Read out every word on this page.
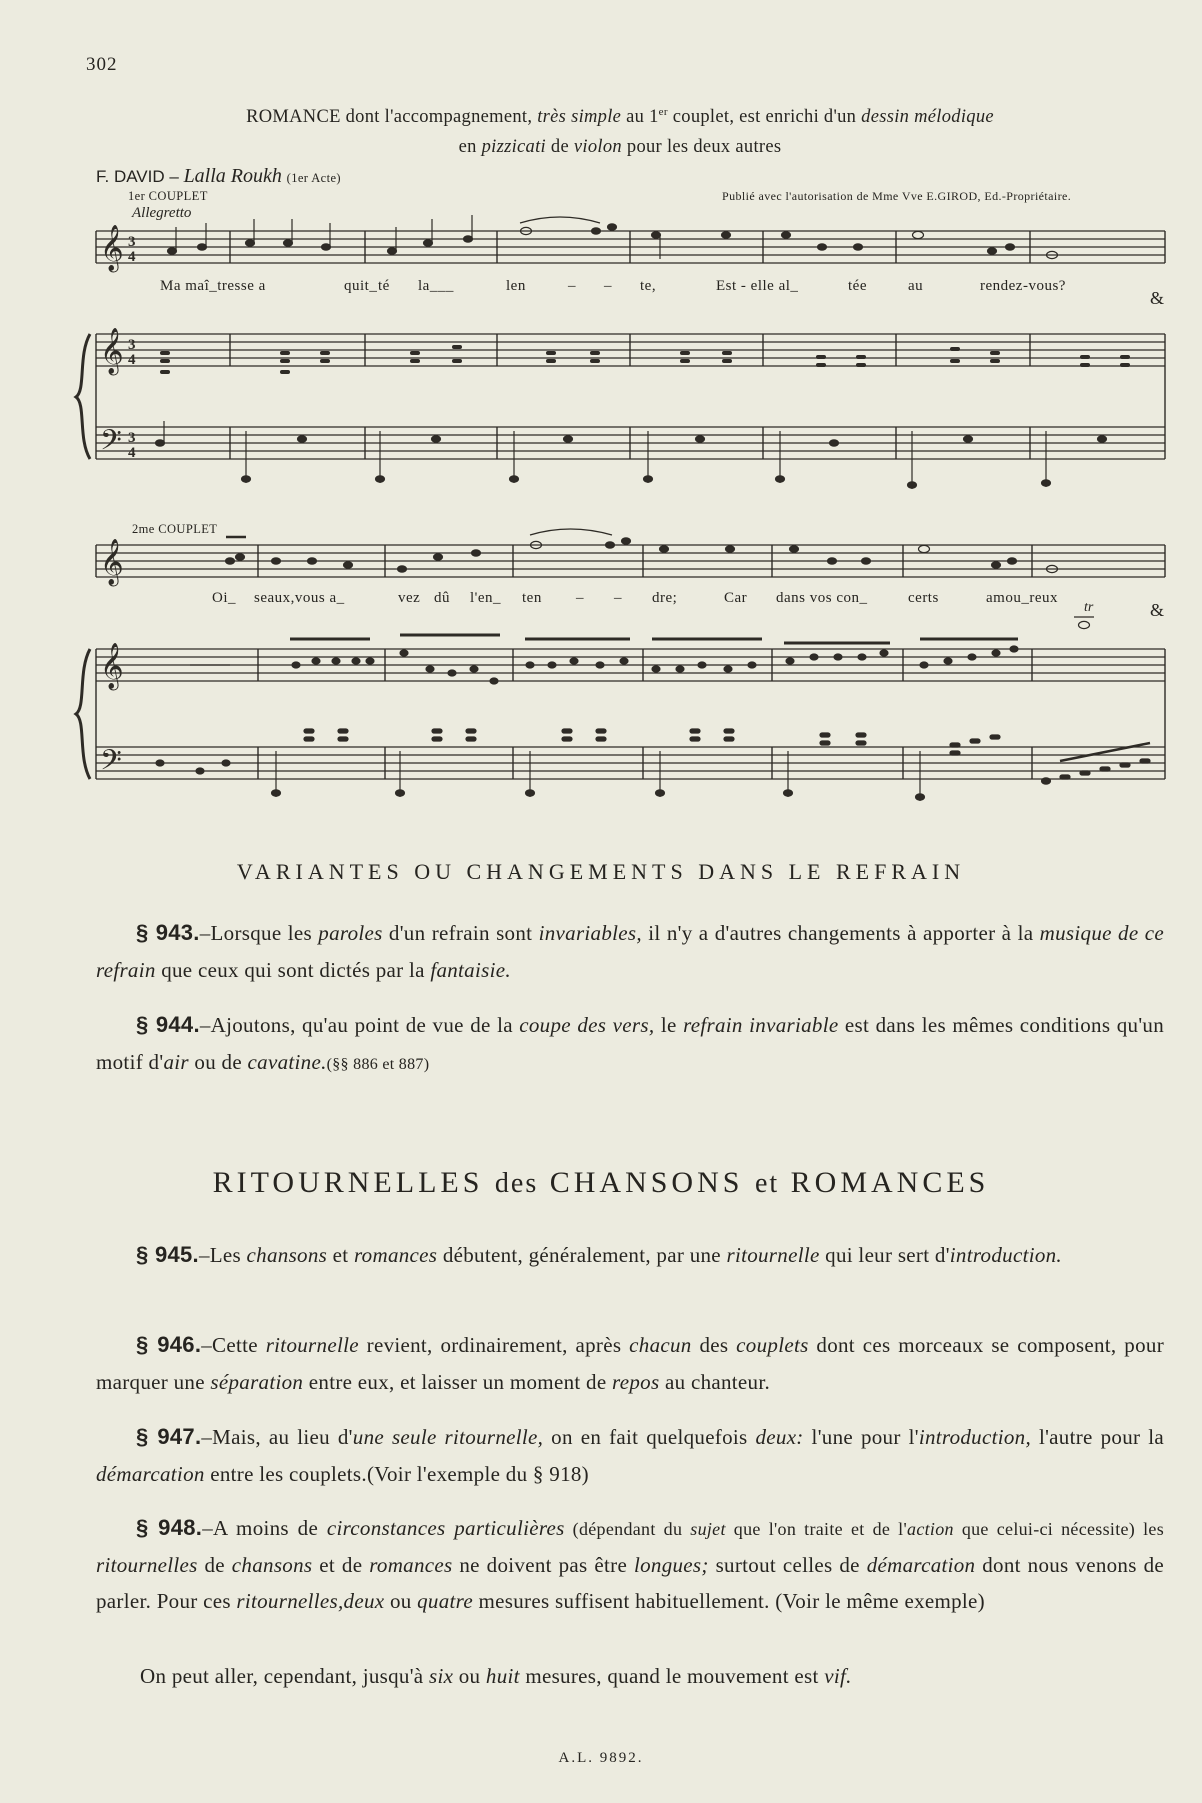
302
ROMANCE dont l'accompagnement, très simple au 1er couplet, est enrichi d'un dessin mélodique
en pizzicati de violon pour les deux autres
F. DAVID – Lalla Roukh (1er Acte)
1er COUPLET	Publié avec l'autorisation de Mme Vve E.GIROD, Ed.-Propriétaire.
Allegretto
𝄞
𝄞
𝄢
3
4
3
4
3
4
Ma maî_tresse a	quit_ té la___	len	– – te,	Est - elle al_	tée	au	rendez-vous?
&
2me COUPLET
𝄞
𝄞
𝄢
Oi_ seaux,vous a_	vez dû l'en_ ten – – dre;	Car dans vos con_	certs	amou_reux
tr	&
VARIANTES OU CHANGEMENTS DANS LE REFRAIN
§ 943.–Lorsque les paroles d'un refrain sont invariables, il n'y a d'autres changements à apporter à la musique de ce refrain que ceux qui sont dictés par la fantaisie.
§ 944.–Ajoutons, qu'au point de vue de la coupe des vers, le refrain invariable est dans les mêmes conditions qu'un motif d'air ou de cavatine.(§§ 886 et 887)
RITOURNELLES des CHANSONS et ROMANCES
§ 945.–Les chansons et romances débutent, généralement, par une ritournelle qui leur sert d'introduction.
§ 946.–Cette ritournelle revient, ordinairement, après chacun des couplets dont ces morceaux se composent, pour marquer une séparation entre eux, et laisser un moment de repos au chanteur.
§ 947.–Mais, au lieu d'une seule ritournelle, on en fait quelquefois deux: l'une pour l'introduction, l'autre pour la démarcation entre les couplets.(Voir l'exemple du § 918)
§ 948.–A moins de circonstances particulières (dépendant du sujet que l'on traite et de l'action que celui-ci nécessite) les ritournelles de chansons et de romances ne doivent pas être longues; surtout celles de démarcation dont nous venons de parler. Pour ces ritournelles,deux ou quatre mesures suffisent habituellement. (Voir le même exemple)
On peut aller, cependant, jusqu'à six ou huit mesures, quand le mouvement est vif.
A.L. 9892.
